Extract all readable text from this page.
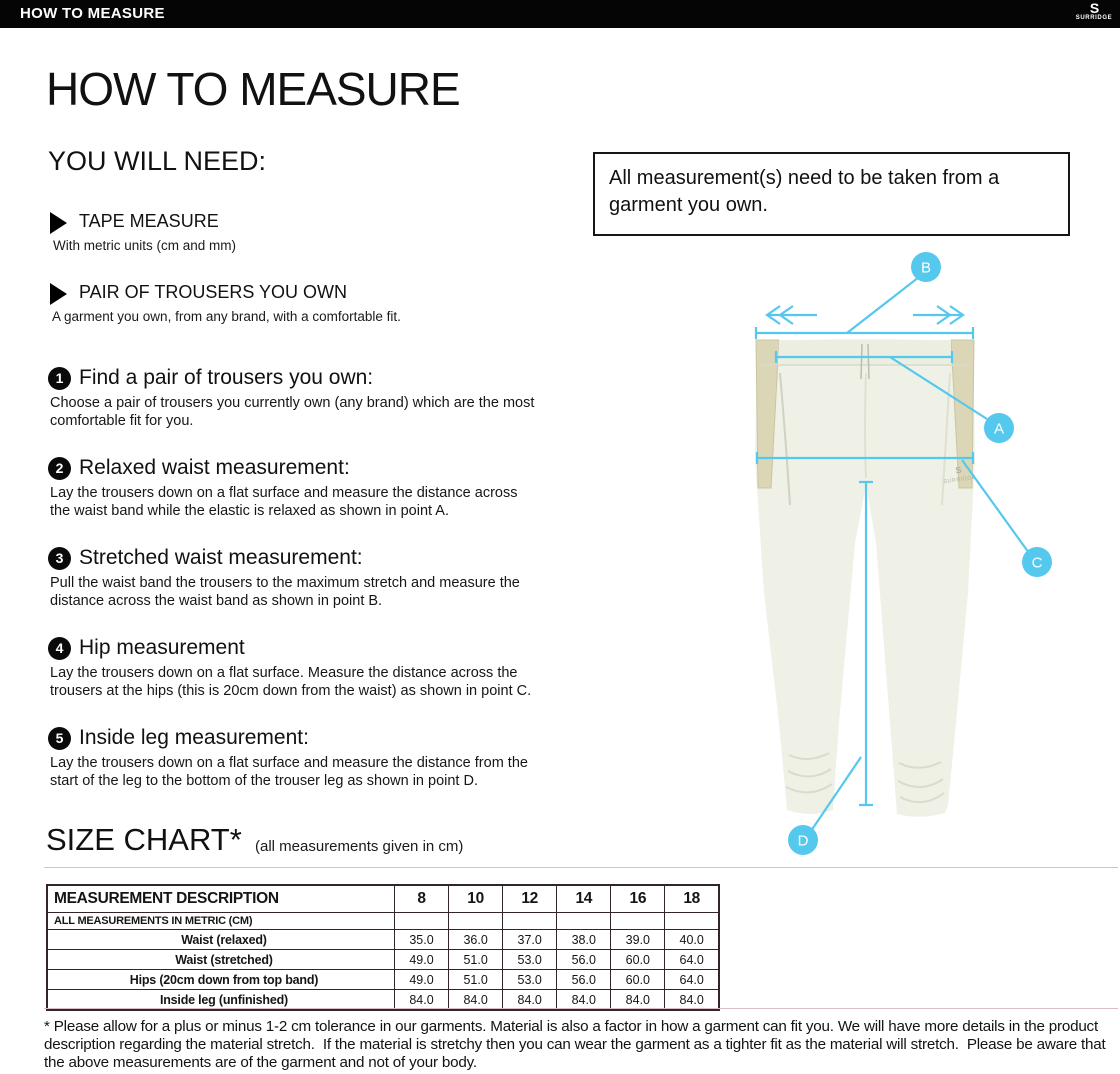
HOW TO MEASURE	S
SURRIDGE
HOW TO MEASURE
YOU WILL NEED:
TAPE MEASURE
With metric units (cm and mm)
PAIR OF TROUSERS YOU OWN
A garment you own, from any brand, with a comfortable fit.
1 Find a pair of trousers you own:
Choose a pair of trousers you currently own (any brand) which are the most comfortable fit for you.
2 Relaxed waist measurement:
Lay the trousers down on a flat surface and measure the distance across the waist band while the elastic is relaxed as shown in point A.
3 Stretched waist measurement:
Pull the waist band the trousers to the maximum stretch and measure the distance across the waist band as shown in point B.
4 Hip measurement
Lay the trousers down on a flat surface. Measure the distance across the trousers at the hips (this is 20cm down from the waist) as shown in point C.
5 Inside leg measurement:
Lay the trousers down on a flat surface and measure the distance from the start of the leg to the bottom of the trouser leg as shown in point D.
All measurement(s) need to be taken from a garment you own.
S
SURRIDGE
B
A
C
D
SIZE CHART* (all measurements given in cm)
MEASUREMENT DESCRIPTION	8	10	12	14	16	18
ALL MEASUREMENTS IN METRIC (CM)						
Waist (relaxed)	35.0	36.0	37.0	38.0	39.0	40.0
Waist (stretched)	49.0	51.0	53.0	56.0	60.0	64.0
Hips (20cm down from top band)	49.0	51.0	53.0	56.0	60.0	64.0
Inside leg (unfinished)	84.0	84.0	84.0	84.0	84.0	84.0
* Please allow for a plus or minus 1-2 cm tolerance in our garments. Material is also a factor in how a garment can fit you. We will have more details in the product description regarding the material stretch.  If the material is stretchy then you can wear the garment as a tighter fit as the material will stretch.  Please be aware that the above measurements are of the garment and not of your body.
